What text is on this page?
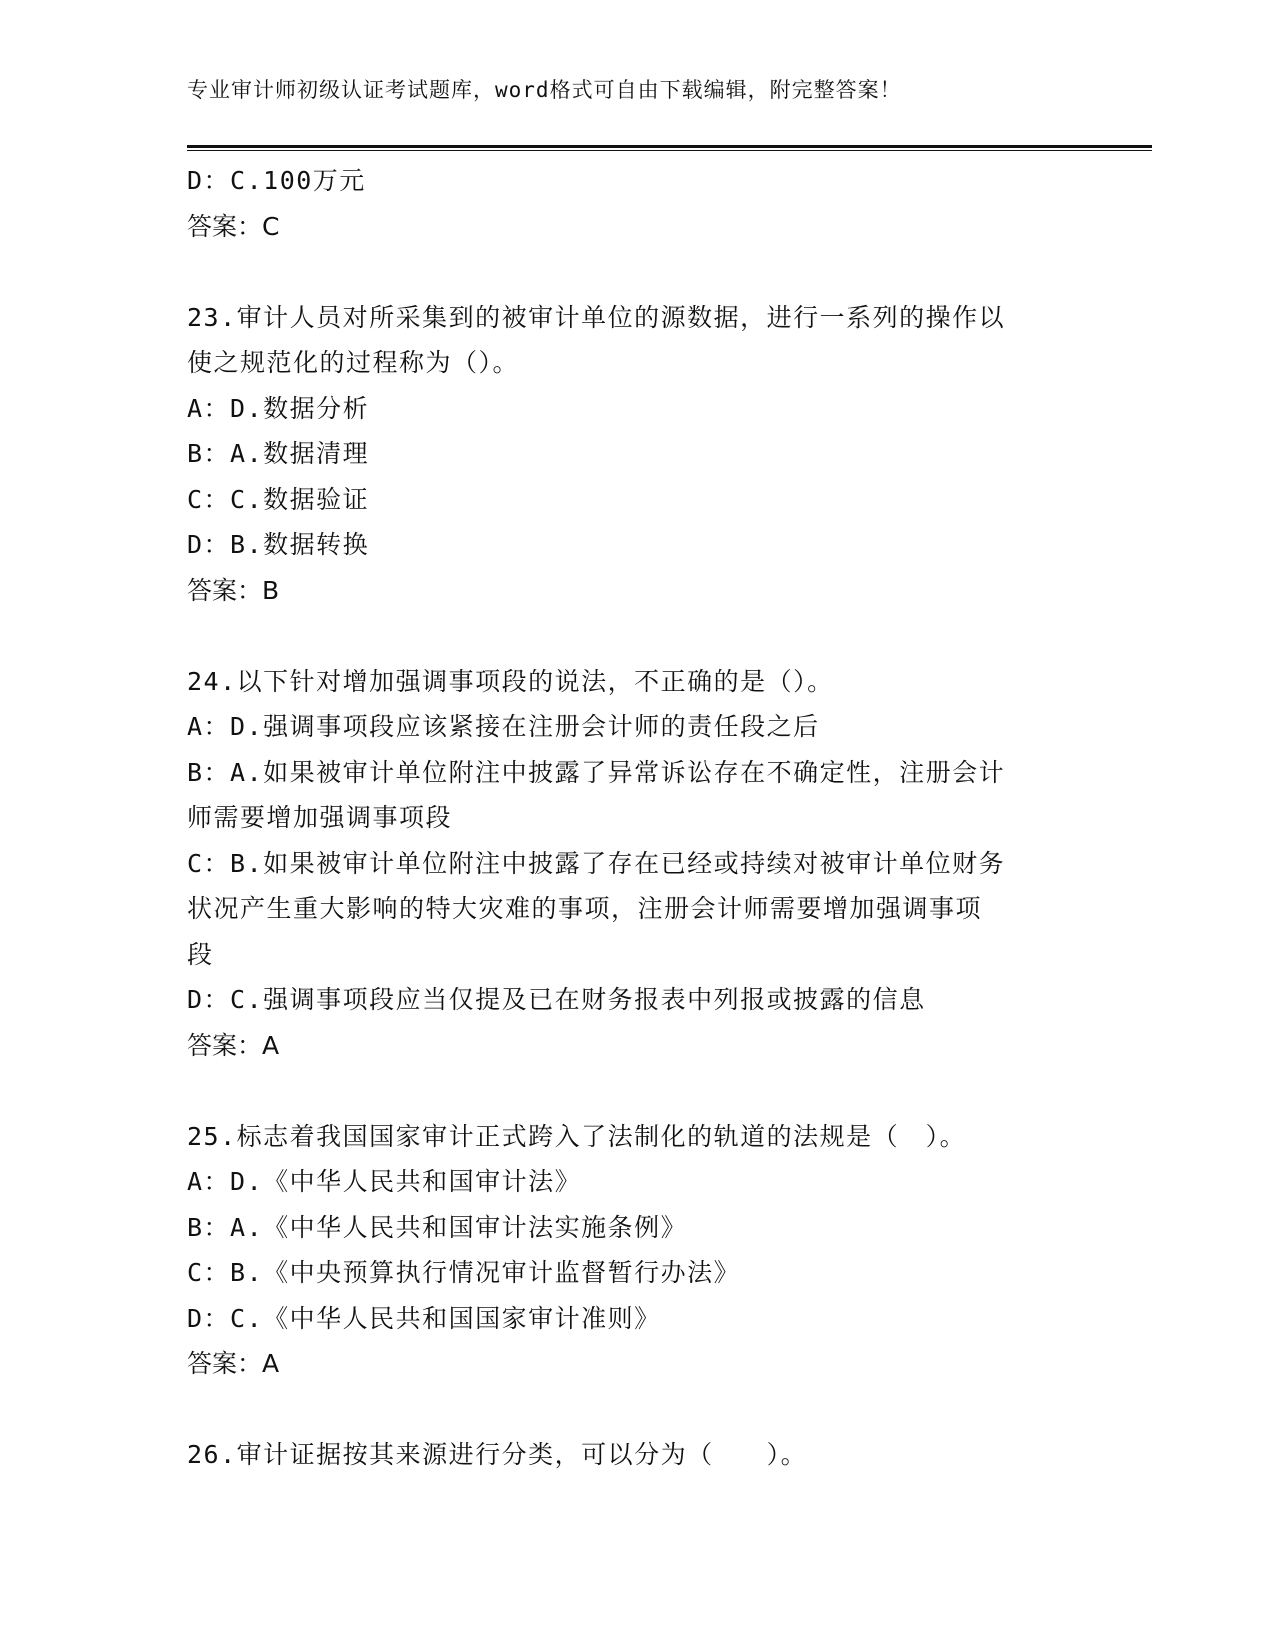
专业审计师初级认证考试题库，word格式可自由下载编辑，附完整答案！
D：C.100万元
答案：C
23.审计人员对所采集到的被审计单位的源数据，进行一系列的操作以
使之规范化的过程称为（）。
A：D.数据分析
B：A.数据清理
C：C.数据验证
D：B.数据转换
答案：B
24.以下针对增加强调事项段的说法，不正确的是（）。
A：D.强调事项段应该紧接在注册会计师的责任段之后
B：A.如果被审计单位附注中披露了异常诉讼存在不确定性，注册会计
师需要增加强调事项段
C：B.如果被审计单位附注中披露了存在已经或持续对被审计单位财务
状况产生重大影响的特大灾难的事项，注册会计师需要增加强调事项
段
D：C.强调事项段应当仅提及已在财务报表中列报或披露的信息
答案：A
25.标志着我国国家审计正式跨入了法制化的轨道的法规是（　）。
A：D.《中华人民共和国审计法》
B：A.《中华人民共和国审计法实施条例》
C：B.《中央预算执行情况审计监督暂行办法》
D：C.《中华人民共和国国家审计准则》
答案：A
26.审计证据按其来源进行分类，可以分为（　　）。
